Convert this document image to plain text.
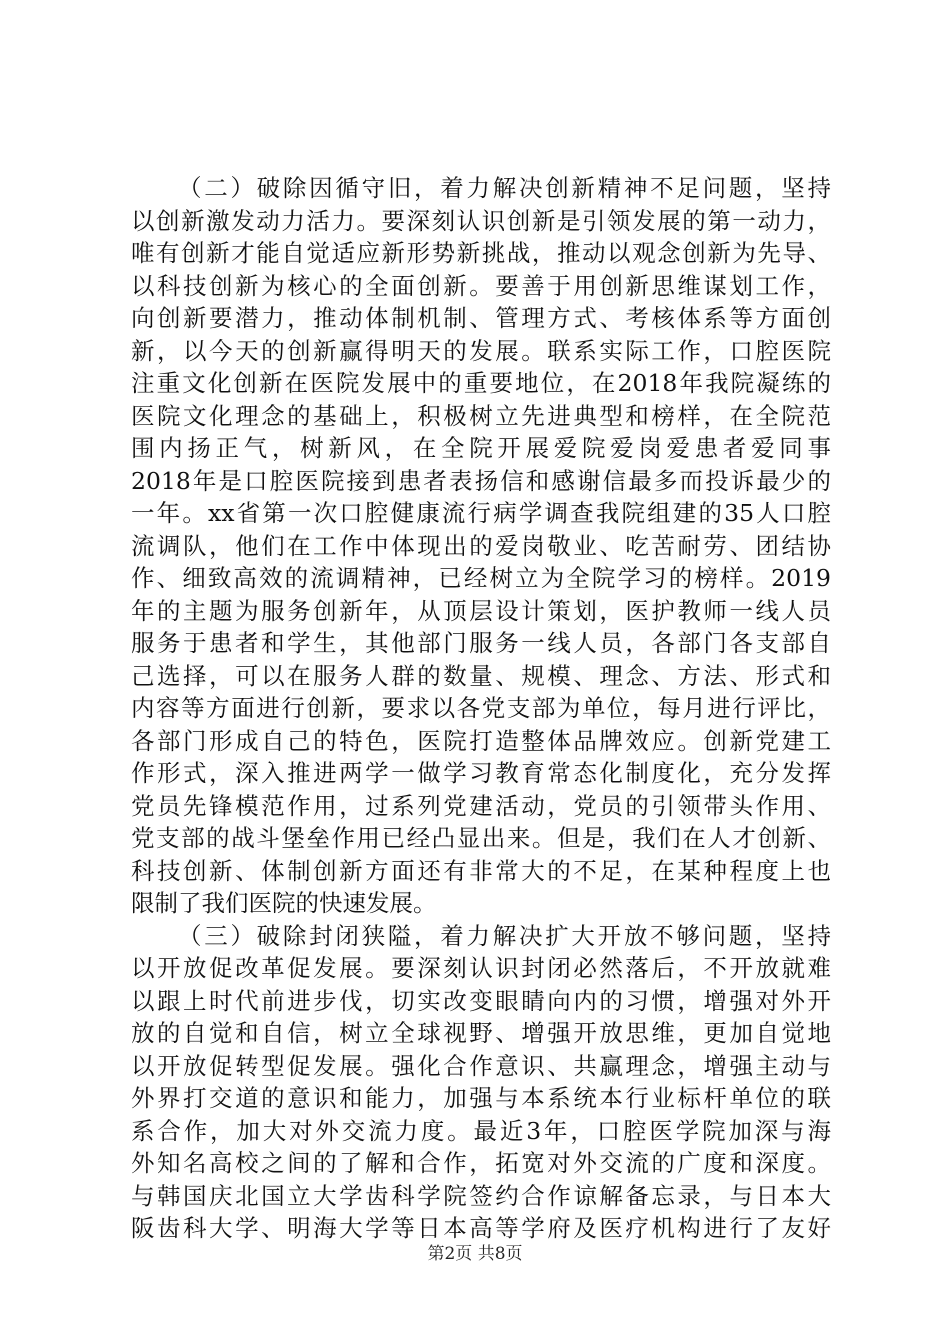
（二）破除因循守旧，着力解决创新精神不足问题，坚持
以创新激发动力活力。要深刻认识创新是引领发展的第一动力，
唯有创新才能自觉适应新形势新挑战，推动以观念创新为先导、
以科技创新为核心的全面创新。要善于用创新思维谋划工作，
向创新要潜力，推动体制机制、管理方式、考核体系等方面创
新，以今天的创新赢得明天的发展。联系实际工作，口腔医院
注重文化创新在医院发展中的重要地位，在2018年我院凝练的
医院文化理念的基础上，积极树立先进典型和榜样，在全院范
围内扬正气，树新风，在全院开展爱院爱岗爱患者爱同事
2018年是口腔医院接到患者表扬信和感谢信最多而投诉最少的
一年。xx省第一次口腔健康流行病学调查我院组建的35人口腔
流调队，他们在工作中体现出的爱岗敬业、吃苦耐劳、团结协
作、细致高效的流调精神，已经树立为全院学习的榜样。2019
年的主题为服务创新年，从顶层设计策划，医护教师一线人员
服务于患者和学生，其他部门服务一线人员，各部门各支部自
己选择，可以在服务人群的数量、规模、理念、方法、形式和
内容等方面进行创新，要求以各党支部为单位，每月进行评比，
各部门形成自己的特色，医院打造整体品牌效应。创新党建工
作形式，深入推进两学一做学习教育常态化制度化，充分发挥
党员先锋模范作用，过系列党建活动，党员的引领带头作用、
党支部的战斗堡垒作用已经凸显出来。但是，我们在人才创新、
科技创新、体制创新方面还有非常大的不足，在某种程度上也
限制了我们医院的快速发展。
（三）破除封闭狭隘，着力解决扩大开放不够问题，坚持
以开放促改革促发展。要深刻认识封闭必然落后，不开放就难
以跟上时代前进步伐，切实改变眼睛向内的习惯，增强对外开
放的自觉和自信，树立全球视野、增强开放思维，更加自觉地
以开放促转型促发展。强化合作意识、共赢理念，增强主动与
外界打交道的意识和能力，加强与本系统本行业标杆单位的联
系合作，加大对外交流力度。最近3年，口腔医学院加深与海
外知名高校之间的了解和合作，拓宽对外交流的广度和深度。
与韩国庆北国立大学齿科学院签约合作谅解备忘录，与日本大
阪齿科大学、明海大学等日本高等学府及医疗机构进行了友好
第2页 共8页
